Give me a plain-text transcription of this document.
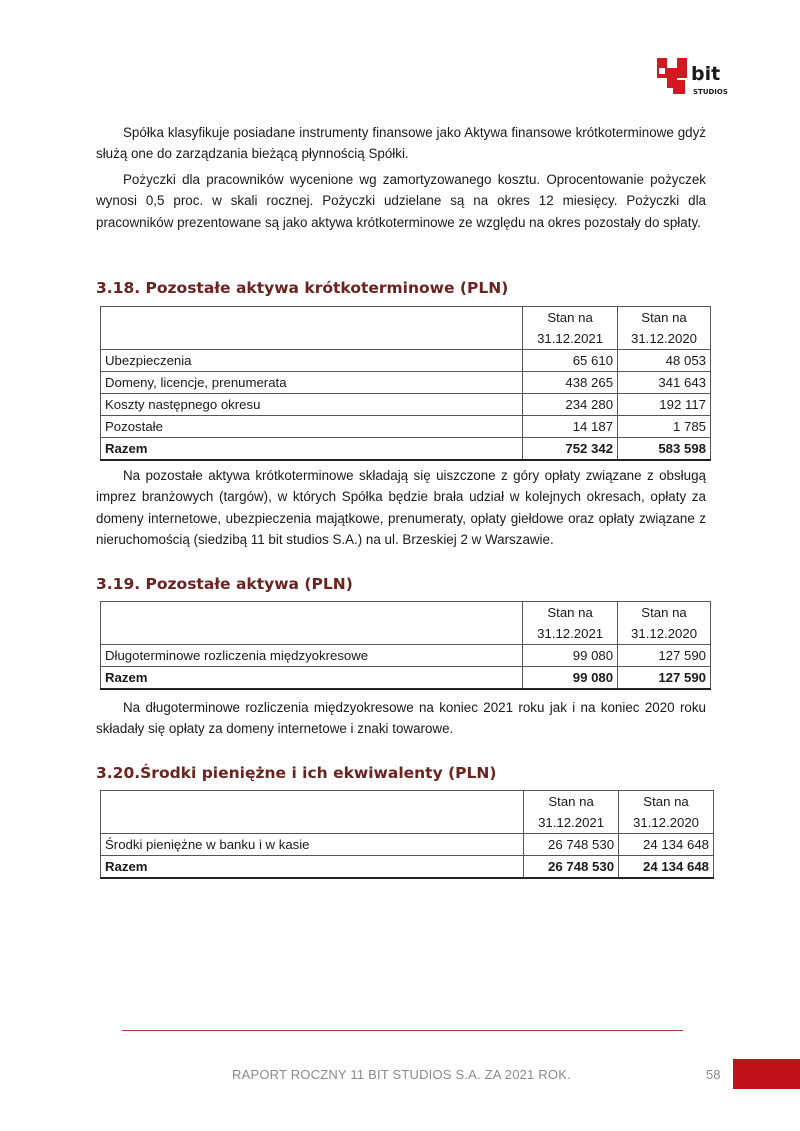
bit
STUDIOS

Spółka klasyfikuje posiadane instrumenty finansowe jako Aktywa finansowe krótkoterminowe gdyż służą one do zarządzania bieżącą płynnością Spółki.

Pożyczki dla pracowników wycenione wg zamortyzowanego kosztu. Oprocentowanie pożyczek wynosi 0,5 proc. w skali rocznej. Pożyczki udzielane są na okres 12 miesięcy. Pożyczki dla pracowników prezentowane są jako aktywa krótkoterminowe ze względu na okres pozostały do spłaty.

3.18. Pozostałe aktywa krótkoterminowe (PLN)
	Stan na	Stan na
	31.12.2021	31.12.2020
Ubezpieczenia	65 610	48 053
Domeny, licencje, prenumerata	438 265	341 643
Koszty następnego okresu	234 280	192 117
Pozostałe	14 187	1 785
Razem	752 342	583 598

Na pozostałe aktywa krótkoterminowe składają się uiszczone z góry opłaty związane z obsługą imprez branżowych (targów), w których Spółka będzie brała udział w kolejnych okresach, opłaty za domeny internetowe, ubezpieczenia majątkowe, prenumeraty, opłaty giełdowe oraz opłaty związane z nieruchomością (siedzibą 11 bit studios S.A.) na ul. Brzeskiej 2 w Warszawie.

3.19. Pozostałe aktywa (PLN)
	Stan na	Stan na
	31.12.2021	31.12.2020
Długoterminowe rozliczenia międzyokresowe	99 080	127 590
Razem	99 080	127 590

Na długoterminowe rozliczenia międzyokresowe na koniec 2021 roku jak i na koniec 2020 roku składały się opłaty za domeny internetowe i znaki towarowe.

3.20.Środki pieniężne i ich ekwiwalenty (PLN)
	Stan na	Stan na
	31.12.2021	31.12.2020
Środki pieniężne w banku i w kasie	26 748 530	24 134 648
Razem	26 748 530	24 134 648
RAPORT ROCZNY 11 BIT STUDIOS S.A. ZA 2021 ROK.	58
